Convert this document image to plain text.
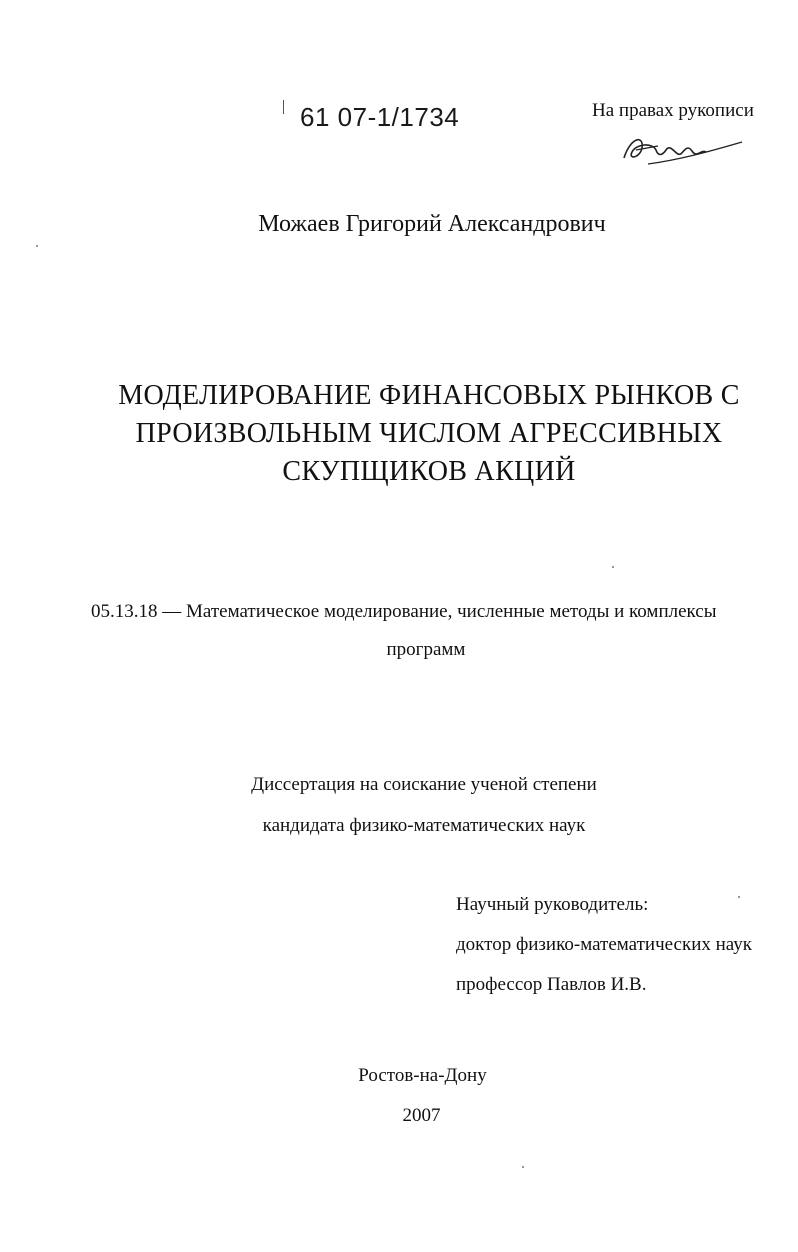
61 07-1/1734	На правах рукописи
Можаев Григорий Александрович
МОДЕЛИРОВАНИЕ ФИНАНСОВЫХ РЫНКОВ С
ПРОИЗВОЛЬНЫМ ЧИСЛОМ АГРЕССИВНЫХ
СКУПЩИКОВ АКЦИЙ
05.13.18 — Математическое моделирование, численные методы и комплексы
программ
Диссертация на соискание ученой степени
кандидата физико-математических наук
Научный руководитель:
доктор физико-математических наук
профессор Павлов И.В.
Ростов-на-Дону
2007
